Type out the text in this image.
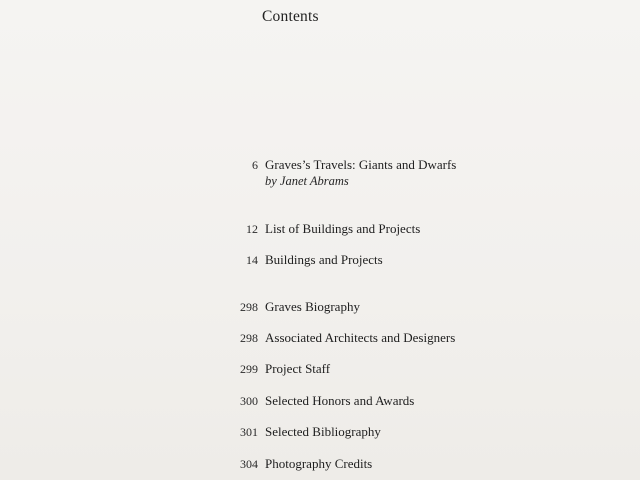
Contents
6 Graves’s Travels: Giants and Dwarfs
by Janet Abrams
12 List of Buildings and Projects
14 Buildings and Projects
298 Graves Biography
298 Associated Architects and Designers
299 Project Staff
300 Selected Honors and Awards
301 Selected Bibliography
304 Photography Credits
